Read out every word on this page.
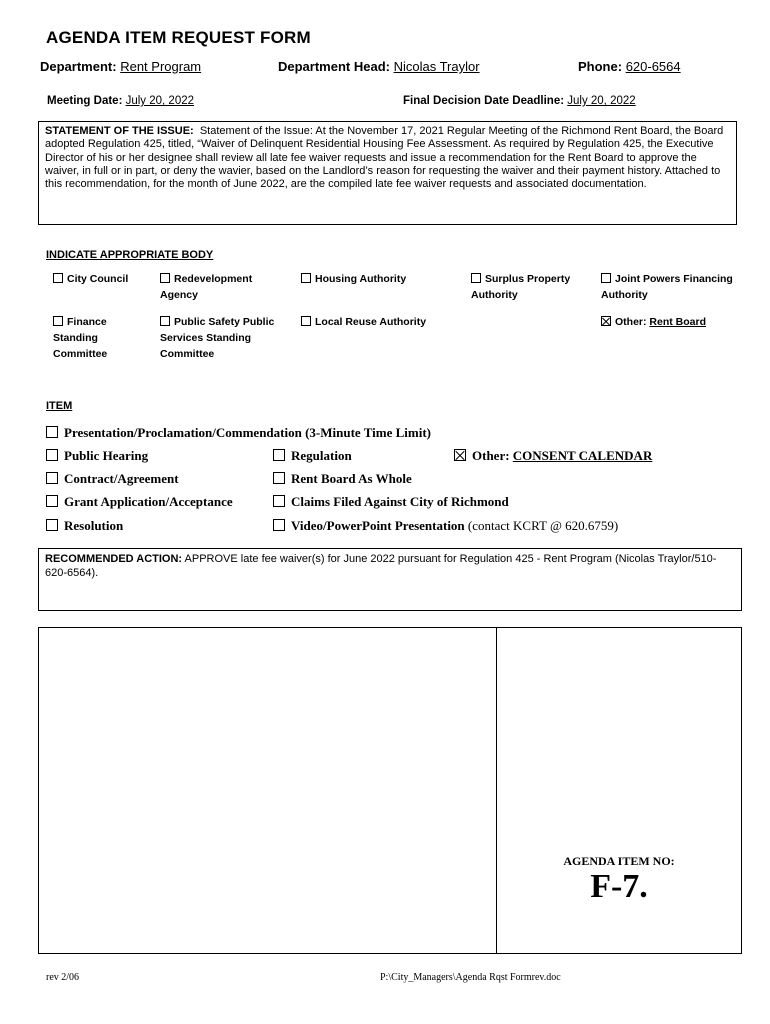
AGENDA ITEM REQUEST FORM
Department: Rent Program	Department Head: Nicolas Traylor	Phone: 620-6564
Meeting Date: July 20, 2022	Final Decision Date Deadline: July 20, 2022
STATEMENT OF THE ISSUE: Statement of the Issue: At the November 17, 2021 Regular Meeting of the Richmond Rent Board, the Board adopted Regulation 425, titled, “Waiver of Delinquent Residential Housing Fee Assessment. As required by Regulation 425, the Executive Director of his or her designee shall review all late fee waiver requests and issue a recommendation for the Rent Board to approve the waiver, in full or in part, or deny the wavier, based on the Landlord’s reason for requesting the waiver and their payment history. Attached to this recommendation, for the month of June 2022, are the compiled late fee waiver requests and associated documentation.
INDICATE APPROPRIATE BODY
City Council	Redevelopment Agency
Housing Authority	Surplus Property Authority
Joint Powers Financing Authority
Finance Standing Committee
Public Safety Public Services Standing Committee
Local Reuse Authority	Other: Rent Board
ITEM
Presentation/Proclamation/Commendation (3-Minute Time Limit)
Public Hearing	Regulation	Other: CONSENT CALENDAR
Contract/Agreement	Rent Board As Whole
Grant Application/Acceptance	Claims Filed Against City of Richmond
Resolution	Video/PowerPoint Presentation (contact KCRT @ 620.6759)
RECOMMENDED ACTION: APPROVE late fee waiver(s) for June 2022 pursuant for Regulation 425 - Rent Program (Nicolas Traylor/510-620-6564).
AGENDA ITEM NO:
F-7.
rev 2/06	P:\City_Managers\Agenda Rqst Formrev.doc
